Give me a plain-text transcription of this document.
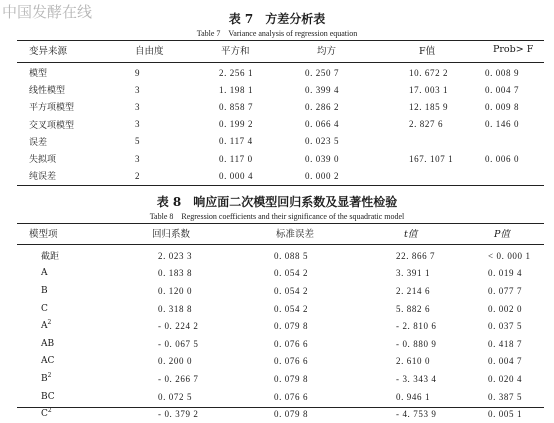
中国发酵在线	表 7　方差分析表
Table 7　Variance analysis of regression equation
变异来源	自由度	平方和	均方	F值	Prob> F
模型	9	2. 256 1	0. 250 7	10. 672 2	0. 008 9
线性模型	3	1. 198 1	0. 399 4	17. 003 1	0. 004 7
平方项模型	3	0. 858 7	0. 286 2	12. 185 9	0. 009 8
交叉项模型	3	0. 199 2	0. 066 4	2. 827 6	0. 146 0
误差	5	0. 117 4	0. 023 5		
失拟项	3	0. 117 0	0. 039 0	167. 107 1	0. 006 0
纯误差	2	0. 000 4	0. 000 2		
表 8　响应面二次模型回归系数及显著性检验
Table 8　Regression coefficients and their significance of the squadratic model
模型项	回归系数	标准误差	t值	P值
截距	2. 023 3	0. 088 5	22. 866 7	< 0. 000 1
A	0. 183 8	0. 054 2	3. 391 1	0. 019 4
B	0. 120 0	0. 054 2	2. 214 6	0. 077 7
C	0. 318 8	0. 054 2	5. 882 6	0. 002 0
$A^2$	- 0. 224 2	0. 079 8	- 2. 810 6	0. 037 5
AB	- 0. 067 5	0. 076 6	- 0. 880 9	0. 418 7
AC	0. 200 0	0. 076 6	2. 610 0	0. 004 7
$B^2$	- 0. 266 7	0. 079 8	- 3. 343 4	0. 020 4
BC	0. 072 5	0. 076 6	0. 946 1	0. 387 5
$C^2$	- 0. 379 2	0. 079 8	- 4. 753 9	0. 005 1
